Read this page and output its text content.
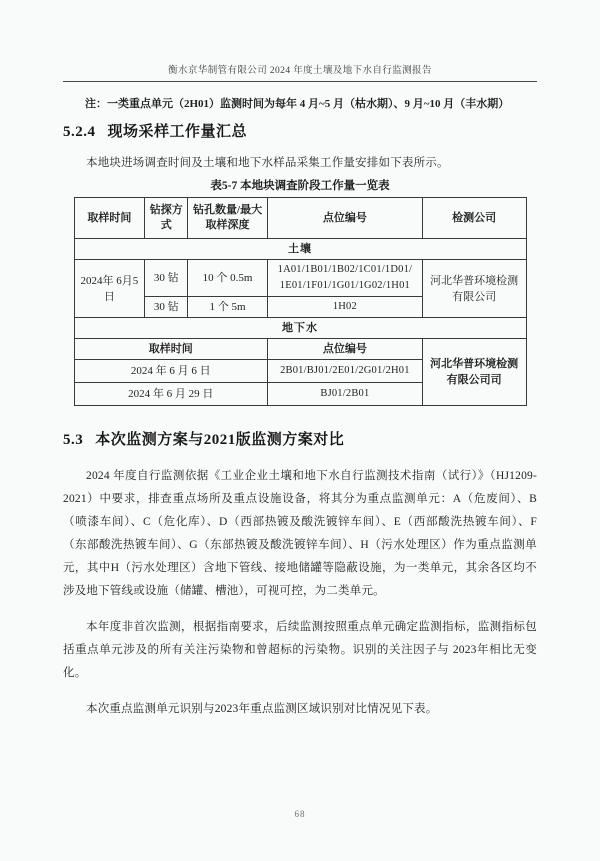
衡水京华制管有限公司 2024 年度土壤及地下水自行监测报告
注：一类重点单元（2H01）监测时间为每年 4 月~5 月（枯水期）、9 月~10 月（丰水期）
5.2.4 现场采样工作量汇总
本地块进场调查时间及土壤和地下水样品采集工作量安排如下表所示。
表5-7 本地块调查阶段工作量一览表
取样时间	钻探方式	钻孔数量/最大取样深度	点位编号	检测公司
土壤				
2024年 6月5日	30 钻	10 个 0.5m	1A01/1B01/1B02/1C01/1D01/ 1E01/1F01/1G01/1G02/1H01	河北华普环境检测有限公司
	30 钻	1 个 5m	1H02	
地下水				
取样时间			点位编号	河北华普环境检测有限公司司
2024 年 6 月 6 日			2B01/BJ01/2E01/2G01/2H01	
2024 年 6 月 29 日			BJ01/2B01	
5.3 本次监测方案与2021版监测方案对比
2024 年度自行监测依据《工业企业土壤和地下水自行监测技术指南（试行）》（HJ1209-2021）中要求，排查重点场所及重点设施设备，将其分为重点监测单元：A（危废间）、B（喷漆车间）、C（危化库）、D（西部热镀及酸洗镀锌车间）、E（西部酸洗热镀车间）、F（东部酸洗热镀车间）、G（东部热镀及酸洗镀锌车间）、H（污水处理区）作为重点监测单元，其中H（污水处理区）含地下管线、接地储罐等隐蔽设施，为一类单元，其余各区均不涉及地下管线或设施（储罐、槽池），可视可控，为二类单元。
本年度非首次监测，根据指南要求，后续监测按照重点单元确定监测指标，监测指标包括重点单元涉及的所有关注污染物和曾超标的污染物。识别的关注因子与 2023年相比无变化。
本次重点监测单元识别与2023年重点监测区域识别对比情况见下表。
68
